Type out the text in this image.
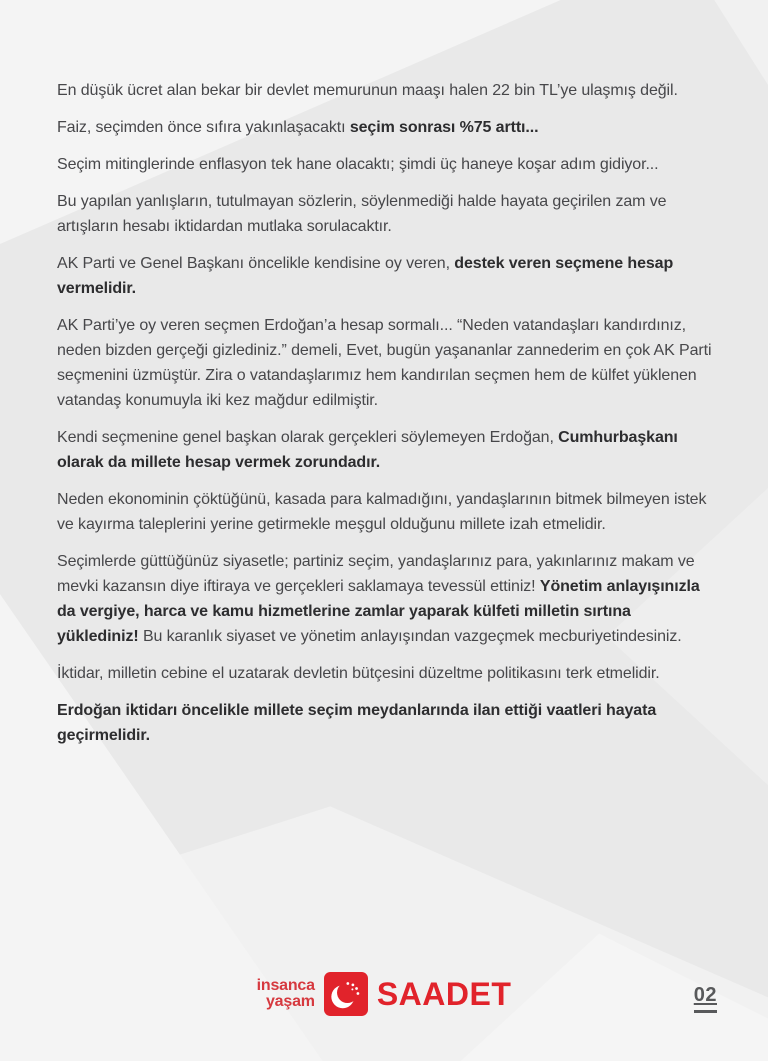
En düşük ücret alan bekar bir devlet memurunun maaşı halen 22 bin TL’ye ulaşmış değil.

Faiz, seçimden önce sıfıra yakınlaşacaktı seçim sonrası %75 arttı...

Seçim mitinglerinde enflasyon tek hane olacaktı; şimdi üç haneye koşar adım gidiyor...

Bu yapılan yanlışların, tutulmayan sözlerin, söylenmediği halde hayata geçirilen zam ve artışların hesabı iktidardan mutlaka sorulacaktır.

AK Parti ve Genel Başkanı öncelikle kendisine oy veren, destek veren seçmene hesap vermelidir.

AK Parti’ye oy veren seçmen Erdoğan’a hesap sormalı... “Neden vatandaşları kandırdınız, neden bizden gerçeği gizlediniz.” demeli, Evet, bugün yaşananlar zannederim en çok AK Parti seçmenini üzmüştür. Zira o vatandaşlarımız hem kandırılan seçmen hem de külfet yüklenen vatandaş konumuyla iki kez mağdur edilmiştir.

Kendi seçmenine genel başkan olarak gerçekleri söylemeyen Erdoğan, Cumhurbaşkanı olarak da millete hesap vermek zorundadır.

Neden ekonominin çöktüğünü, kasada para kalmadığını, yandaşlarının bitmek bilmeyen istek ve kayırma taleplerini yerine getirmekle meşgul olduğunu millete izah etmelidir.

Seçimlerde güttüğünüz siyasetle; partiniz seçim, yandaşlarınız para, yakınlarınız makam ve mevki kazansın diye iftiraya ve gerçekleri saklamaya tevessül ettiniz! Yönetim anlayışınızla da vergiye, harca ve kamu hizmetlerine zamlar yaparak külfeti milletin sırtına yüklediniz! Bu karanlık siyaset ve yönetim anlayışından vazgeçmek mecburiyetindesiniz.

İktidar, milletin cebine el uzatarak devletin bütçesini düzeltme politikasını terk etmelidir.

Erdoğan iktidarı öncelikle millete seçim meydanlarında ilan ettiği vaatleri hayata geçirmelidir.

insanca
yaşam SAADET	02
